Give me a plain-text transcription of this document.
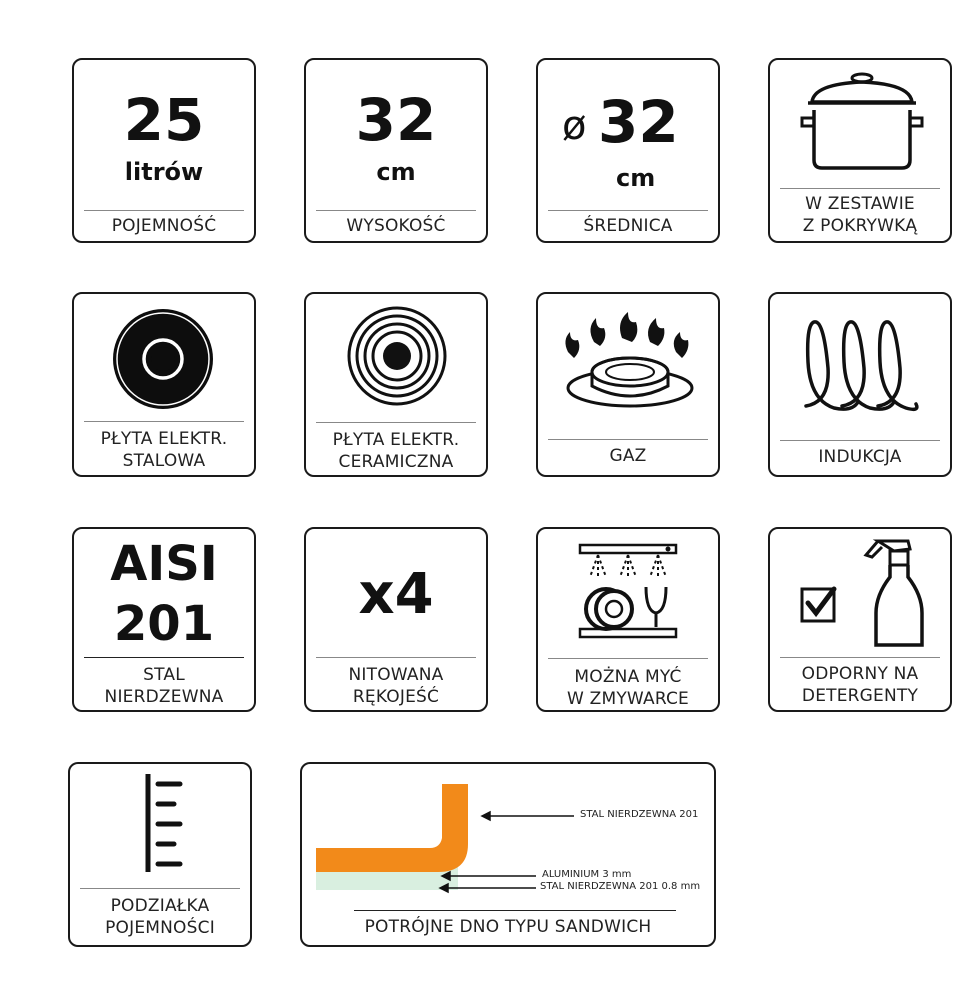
25
litrów
POJEMNOŚĆ
32
cm
WYSOKOŚĆ
ø 32
cm
ŚREDNICA
W ZESTAWIE
Z POKRYWKĄ
PŁYTA ELEKTR.
STALOWA
PŁYTA ELEKTR.
CERAMICZNA	GAZ	INDUKCJA
AISI
201
STAL
NIERDZEWNA
x4
NITOWANA
RĘKOJEŚĆ
MOŻNA MYĆ
W ZMYWARCE
ODPORNY NA
DETERGENTY
PODZIAŁKA
POJEMNOŚCI
STAL NIERDZEWNA 201
ALUMINIUM 3 mm
STAL NIERDZEWNA 201 0.8 mm
POTRÓJNE DNO TYPU SANDWICH
